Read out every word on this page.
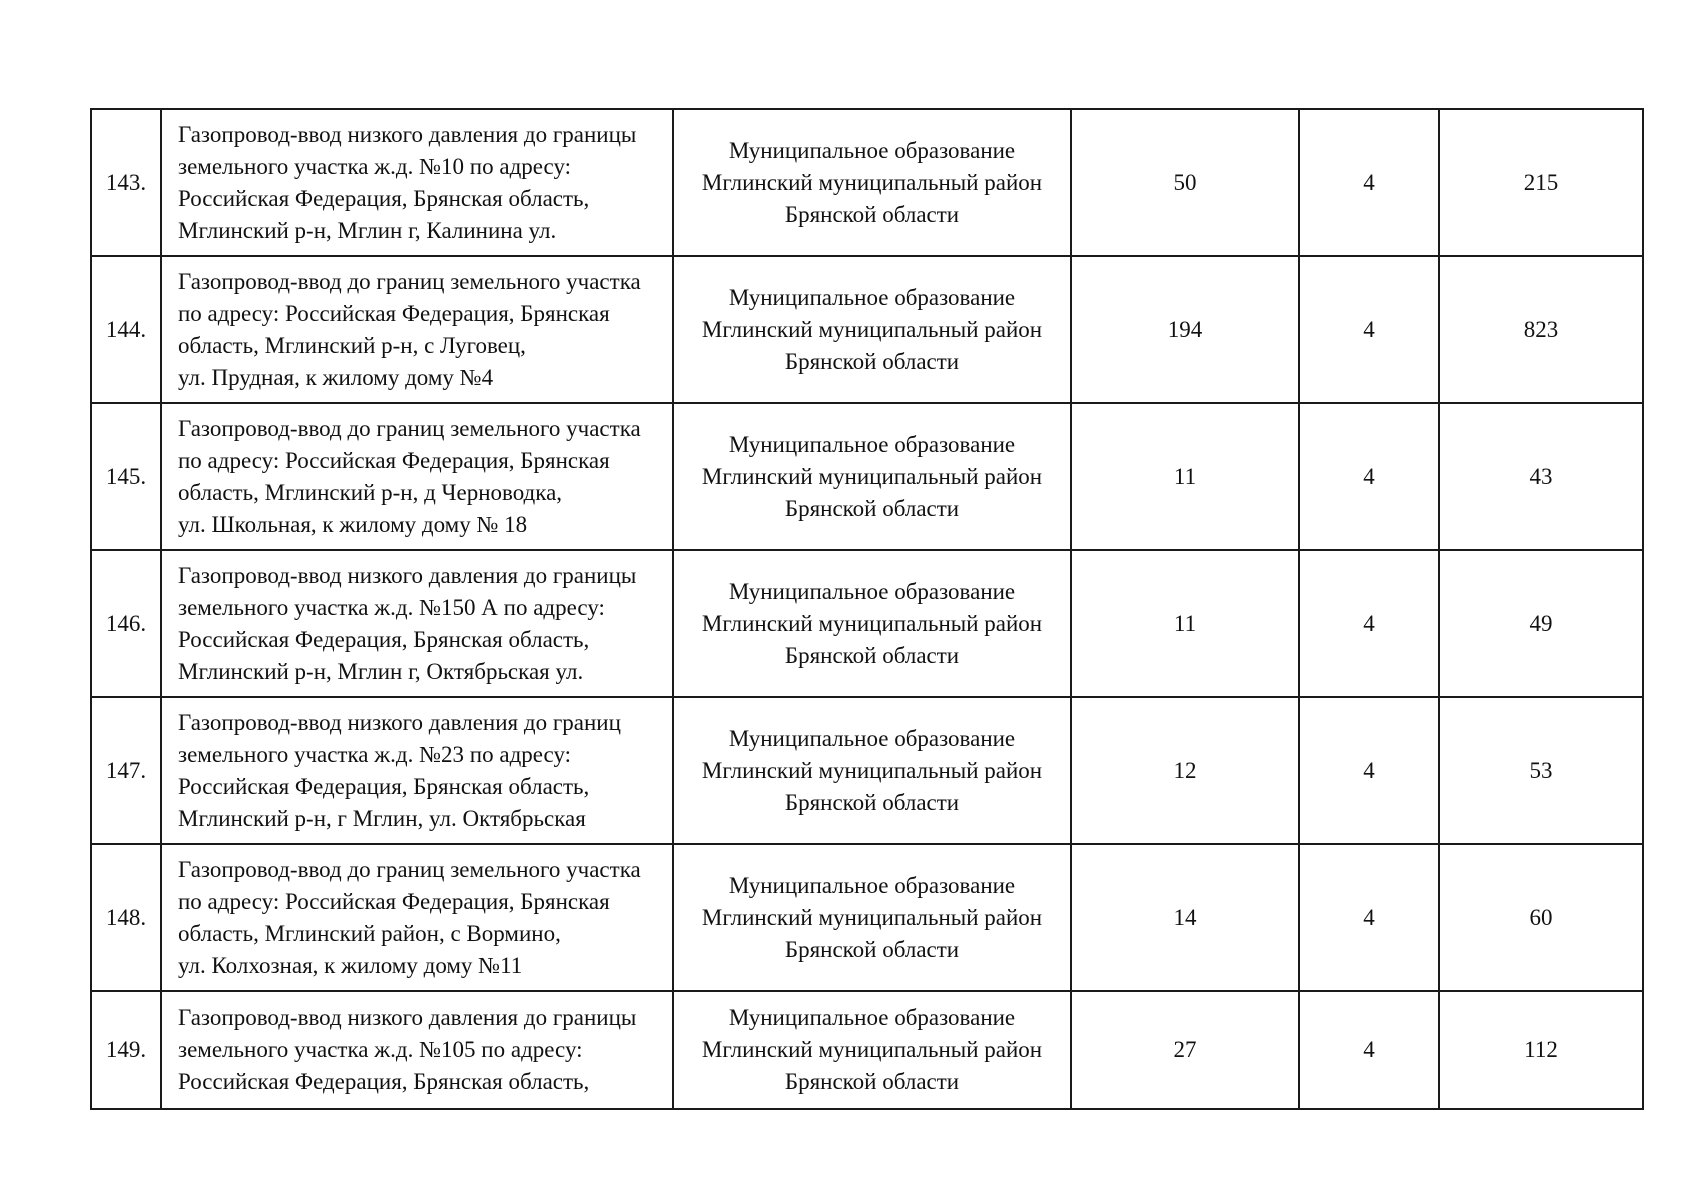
143.	Газопровод-ввод низкого давления до границы
земельного участка ж.д. №10 по адресу:
Российская Федерация, Брянская область,
Мглинский р-н, Мглин г, Калинина ул.	Муниципальное образование
Мглинский муниципальный район
Брянской области	50	4	215
144.	Газопровод-ввод до границ земельного участка
по адресу: Российская Федерация, Брянская
область, Мглинский р-н, с Луговец,
ул. Прудная, к жилому дому №4	Муниципальное образование
Мглинский муниципальный район
Брянской области	194	4	823
145.	Газопровод-ввод до границ земельного участка
по адресу: Российская Федерация, Брянская
область, Мглинский р-н, д Черноводка,
ул. Школьная, к жилому дому № 18	Муниципальное образование
Мглинский муниципальный район
Брянской области	11	4	43
146.	Газопровод-ввод низкого давления до границы
земельного участка ж.д. №150 А по адресу:
Российская Федерация, Брянская область,
Мглинский р-н, Мглин г, Октябрьская ул.	Муниципальное образование
Мглинский муниципальный район
Брянской области	11	4	49
147.	Газопровод-ввод низкого давления до границ
земельного участка ж.д. №23 по адресу:
Российская Федерация, Брянская область,
Мглинский р-н, г Мглин, ул. Октябрьская	Муниципальное образование
Мглинский муниципальный район
Брянской области	12	4	53
148.	Газопровод-ввод до границ земельного участка
по адресу: Российская Федерация, Брянская
область, Мглинский район, с Вормино,
ул. Колхозная, к жилому дому №11	Муниципальное образование
Мглинский муниципальный район
Брянской области	14	4	60
149.	Газопровод-ввод низкого давления до границы
земельного участка ж.д. №105 по адресу:
Российская Федерация, Брянская область,	Муниципальное образование
Мглинский муниципальный район
Брянской области	27	4	112
